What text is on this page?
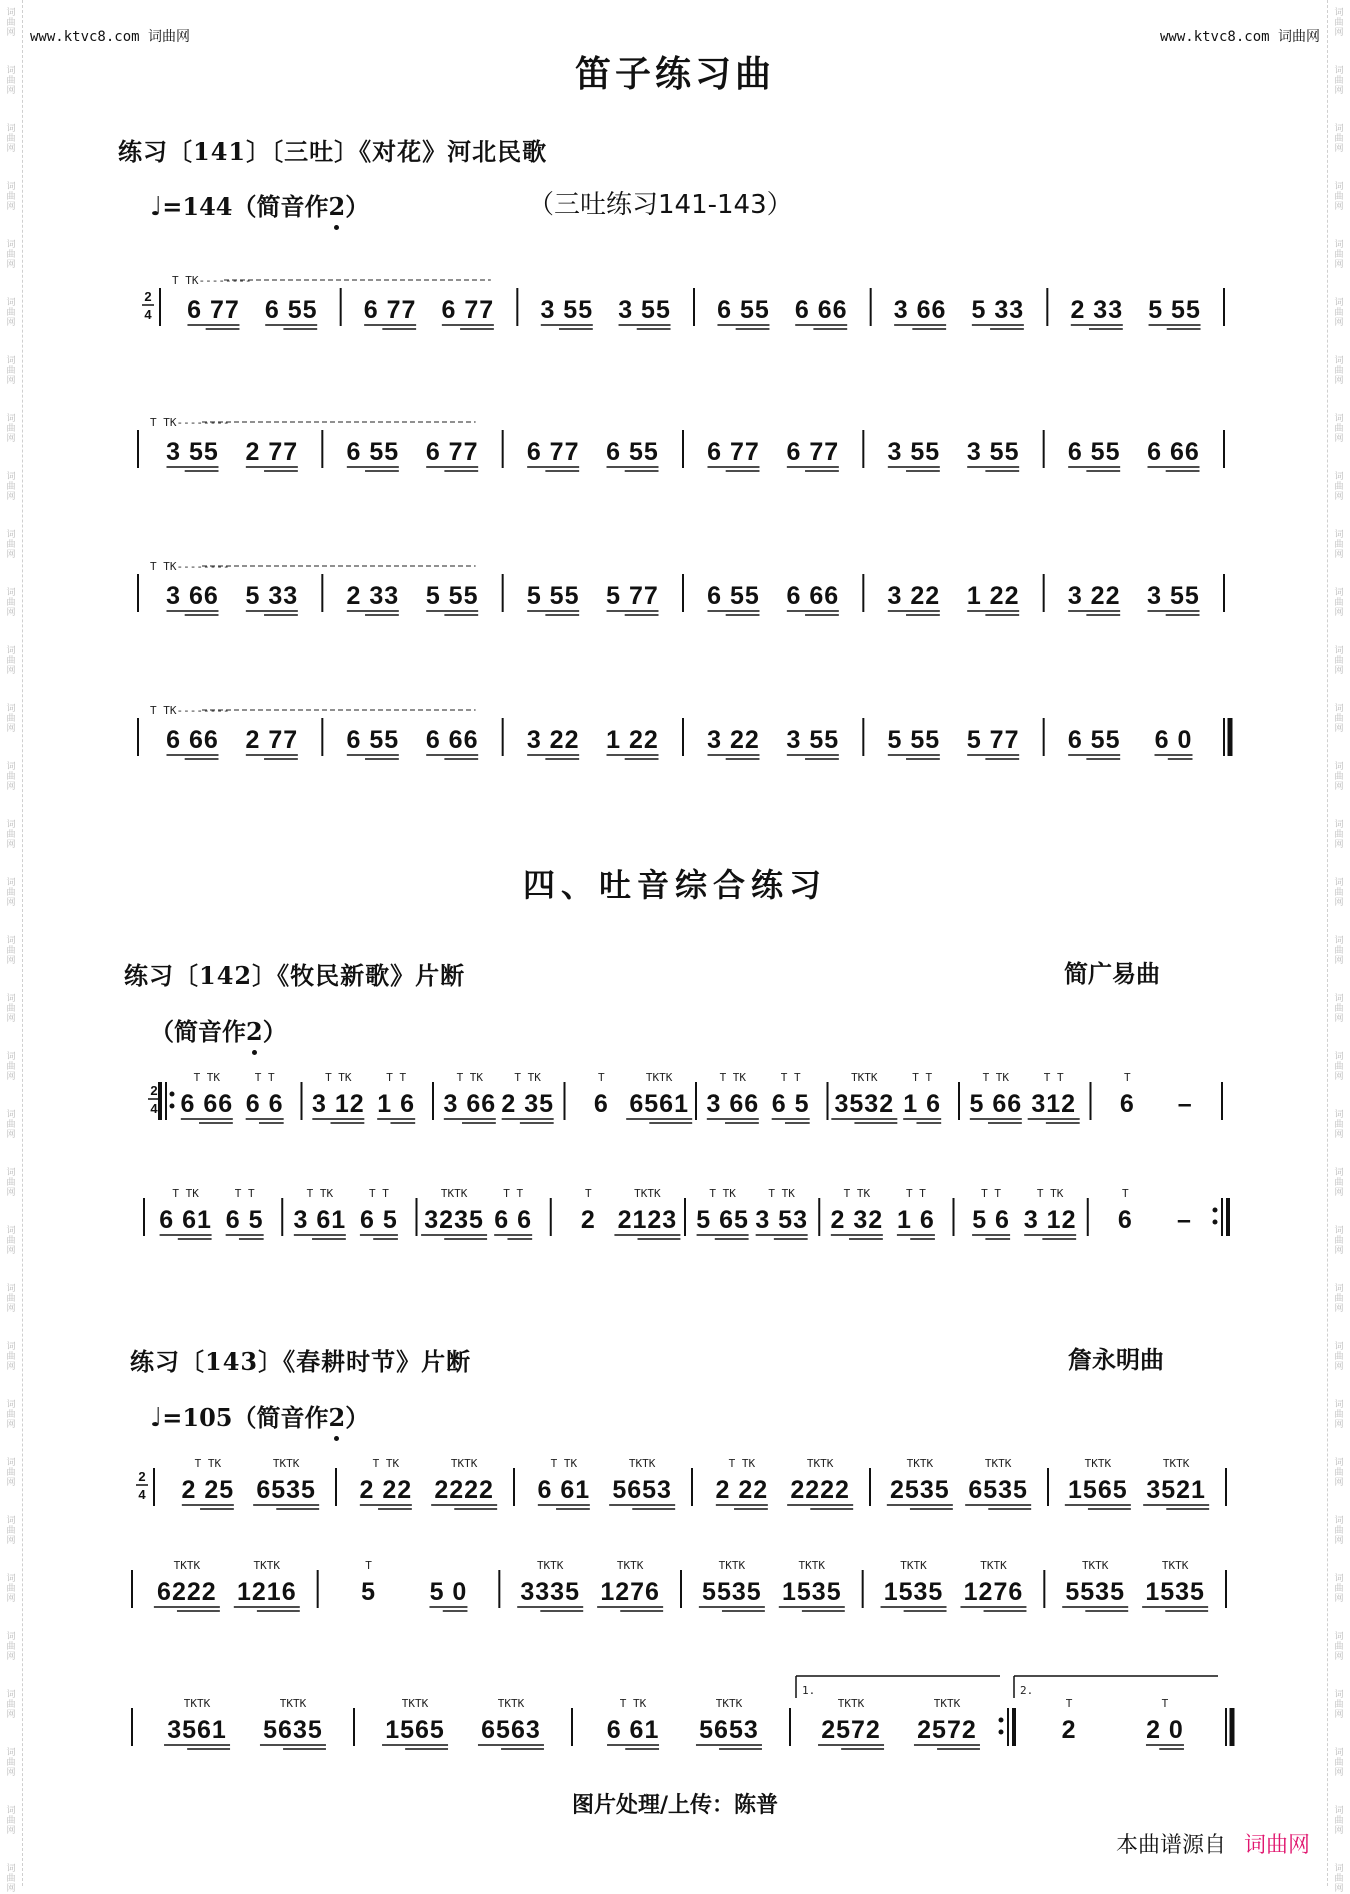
词
曲
网
词
曲
网
词
曲
网
词
曲
网
词
曲
网
词
曲
网
词
曲
网
词
曲
网
词
曲
网
词
曲
网
词
曲
网
词
曲
网
词
曲
网
词
曲
网
词
曲
网
词
曲
网
词
曲
网
词
曲
网
词
曲
网
词
曲
网
词
曲
网
词
曲
网
词
曲
网
词
曲
网
词
曲
网
词
曲
网
词
曲
网
词
曲
网
词
曲
网
词
曲
网
词
曲
网
词
曲
网
词
曲
网
词
曲
网
词
曲
网
词
曲
网
词
曲
网
词
曲
网
词
曲
网
词
曲
网
词
曲
网
词
曲
网
词
曲
网
词
曲
网
词
曲
网
词
曲
网
词
曲
网
词
曲
网
词
曲
网
词
曲
网
词
曲
网
词
曲
网
词
曲
网
词
曲
网
词
曲
网
词
曲
网
词
曲
网
词
曲
网
词
曲
网
词
曲
网
词
曲
网
词
曲
网
词
曲
网
词
曲
网
词
曲
网
词
曲
网
www.ktvc8.com 词曲网	www.ktvc8.com 词曲网
笛子练习曲
练习〔141〕〔三吐〕《对花》河北民歌
♩=144（简音作2）	（三吐练习141-143）
四、吐音综合练习
练习〔142〕《牧民新歌》片断	简广易曲
（简音作2）
练习〔143〕《春耕时节》片断	詹永明曲
♩=105（简音作2）
2
4
T TK--------
6 77 6 55 6 77 6 77 3 55 3 55 6 55 6 66 3 66 5 33 2 33 5 55
T TK--------
3 55 2 77 6 55 6 77 6 77 6 55 6 77 6 77 3 55 3 55 6 55 6 66
T TK--------
3 66 5 33 2 33 5 55 5 55 5 77 6 55 6 66 3 22 1 22 3 22 3 55
T TK--------
6 66 2 77 6 55 6 66 3 22 1 22 3 22 3 55 5 55 5 77 6 55 6 0
2
4 6 66
T TK
6 6
T T
3 12
T TK
1 6
T T
3 66
T TK
2 35
T TK
6
T
6561
TKTK
3 66
T TK
6 5
T T
3532
TKTK
1 6
T T
5 66
T TK
312
T T
6
T
–
6 61
T TK
6 5
T T
3 61
T TK
6 5
T T
3235
TKTK
6 6
T T
2
T
2123
TKTK
5 65
T TK
3 53
T TK
2 32
T TK
1 6
T T
5 6
T T
3 12
T TK
6
T
–
2
4 2 25
T TK
6535
TKTK
2 22
T TK
2222
TKTK
6 61
T TK
5653
TKTK
2 22
T TK
2222
TKTK
2535
TKTK
6535
TKTK
1565
TKTK
3521
TKTK
6222
TKTK
1216
TKTK
5
T
5 0 3335
TKTK
1276
TKTK
5535
TKTK
1535
TKTK
1535
TKTK
1276
TKTK
5535
TKTK
1535
TKTK
3561
TKTK
5635
TKTK
1565
TKTK
6563
TKTK
6 61
T TK
5653
TKTK
2572
TKTK
2572
TKTK
1.
2
T
2 0
T
2.
图片处理/上传：陈普
本曲谱源自 词曲网
